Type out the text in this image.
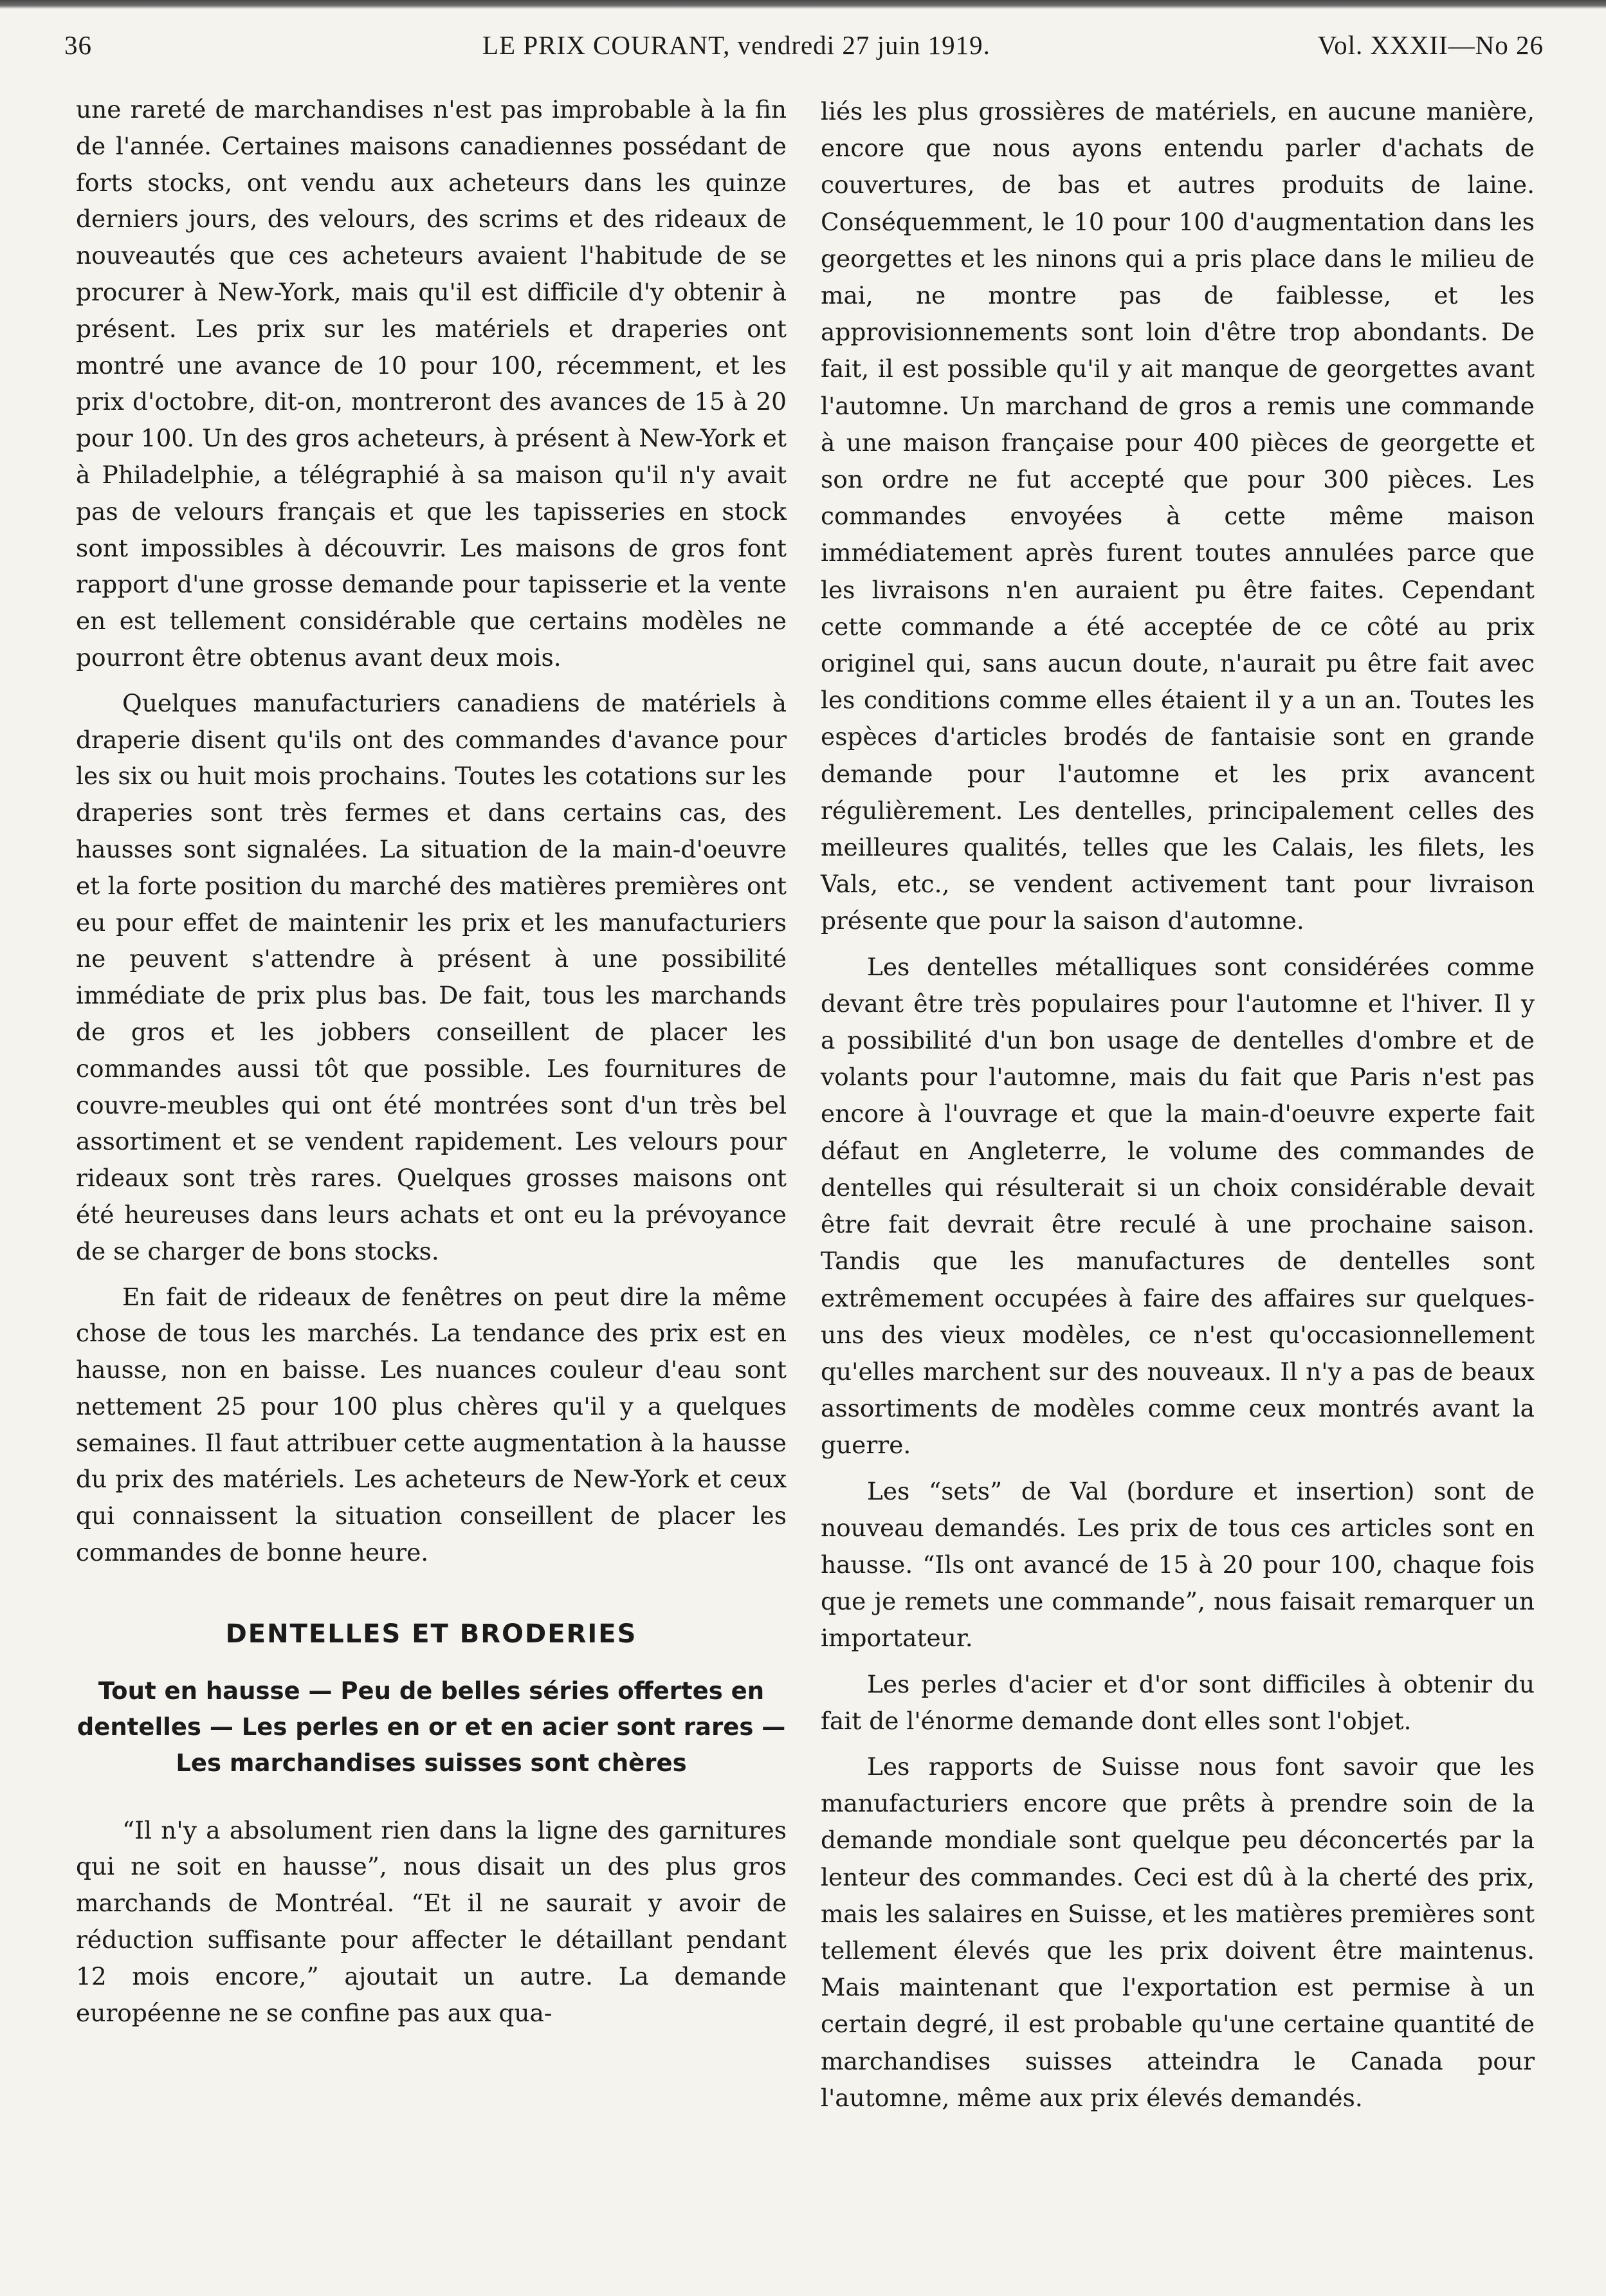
36	LE PRIX COURANT, vendredi 27 juin 1919.	Vol. XXXII—No 26

une rareté de marchandises n'est pas improbable à la fin de l'année. Certaines maisons canadiennes possédant de forts stocks, ont vendu aux acheteurs dans les quinze derniers jours, des velours, des scrims et des rideaux de nouveautés que ces acheteurs avaient l'habitude de se procurer à New-York, mais qu'il est difficile d'y obtenir à présent. Les prix sur les matériels et draperies ont montré une avance de 10 pour 100, récemment, et les prix d'octobre, dit-on, montreront des avances de 15 à 20 pour 100. Un des gros acheteurs, à présent à New-York et à Philadelphie, a télégraphié à sa maison qu'il n'y avait pas de velours français et que les tapisseries en stock sont impossibles à découvrir. Les maisons de gros font rapport d'une grosse demande pour tapisserie et la vente en est tellement considérable que certains modèles ne pourront être obtenus avant deux mois.

Quelques manufacturiers canadiens de matériels à draperie disent qu'ils ont des commandes d'avance pour les six ou huit mois prochains. Toutes les cotations sur les draperies sont très fermes et dans certains cas, des hausses sont signalées. La situation de la main-d'oeuvre et la forte position du marché des matières premières ont eu pour effet de maintenir les prix et les manufacturiers ne peuvent s'attendre à présent à une possibilité immédiate de prix plus bas. De fait, tous les marchands de gros et les jobbers conseillent de placer les commandes aussi tôt que possible. Les fournitures de couvre-meubles qui ont été montrées sont d'un très bel assortiment et se vendent rapidement. Les velours pour rideaux sont très rares. Quelques grosses maisons ont été heureuses dans leurs achats et ont eu la prévoyance de se charger de bons stocks.

En fait de rideaux de fenêtres on peut dire la même chose de tous les marchés. La tendance des prix est en hausse, non en baisse. Les nuances couleur d'eau sont nettement 25 pour 100 plus chères qu'il y a quelques semaines. Il faut attribuer cette augmentation à la hausse du prix des matériels. Les acheteurs de New-York et ceux qui connaissent la situation conseillent de placer les commandes de bonne heure.

DENTELLES ET BRODERIES

Tout en hausse — Peu de belles séries offertes en dentelles — Les perles en or et en acier sont rares — Les marchandises suisses sont chères

“Il n'y a absolument rien dans la ligne des garnitures qui ne soit en hausse”, nous disait un des plus gros marchands de Montréal. “Et il ne saurait y avoir de réduction suffisante pour affecter le détaillant pendant 12 mois encore,” ajoutait un autre. La demande européenne ne se confine pas aux qua-

liés les plus grossières de matériels, en aucune manière, encore que nous ayons entendu parler d'achats de couvertures, de bas et autres produits de laine. Conséquemment, le 10 pour 100 d'augmentation dans les georgettes et les ninons qui a pris place dans le milieu de mai, ne montre pas de faiblesse, et les approvisionnements sont loin d'être trop abondants. De fait, il est possible qu'il y ait manque de georgettes avant l'automne. Un marchand de gros a remis une commande à une maison française pour 400 pièces de georgette et son ordre ne fut accepté que pour 300 pièces. Les commandes envoyées à cette même maison immédiatement après furent toutes annulées parce que les livraisons n'en auraient pu être faites. Cependant cette commande a été acceptée de ce côté au prix originel qui, sans aucun doute, n'aurait pu être fait avec les conditions comme elles étaient il y a un an. Toutes les espèces d'articles brodés de fantaisie sont en grande demande pour l'automne et les prix avancent régulièrement. Les dentelles, principalement celles des meilleures qualités, telles que les Calais, les filets, les Vals, etc., se vendent activement tant pour livraison présente que pour la saison d'automne.

Les dentelles métalliques sont considérées comme devant être très populaires pour l'automne et l'hiver. Il y a possibilité d'un bon usage de dentelles d'ombre et de volants pour l'automne, mais du fait que Paris n'est pas encore à l'ouvrage et que la main-d'oeuvre experte fait défaut en Angleterre, le volume des commandes de dentelles qui résulterait si un choix considérable devait être fait devrait être reculé à une prochaine saison. Tandis que les manufactures de dentelles sont extrêmement occupées à faire des affaires sur quelques-uns des vieux modèles, ce n'est qu'occasionnellement qu'elles marchent sur des nouveaux. Il n'y a pas de beaux assortiments de modèles comme ceux montrés avant la guerre.

Les “sets” de Val (bordure et insertion) sont de nouveau demandés. Les prix de tous ces articles sont en hausse. “Ils ont avancé de 15 à 20 pour 100, chaque fois que je remets une commande”, nous faisait remarquer un importateur.

Les perles d'acier et d'or sont difficiles à obtenir du fait de l'énorme demande dont elles sont l'objet.

Les rapports de Suisse nous font savoir que les manufacturiers encore que prêts à prendre soin de la demande mondiale sont quelque peu déconcertés par la lenteur des commandes. Ceci est dû à la cherté des prix, mais les salaires en Suisse, et les matières premières sont tellement élevés que les prix doivent être maintenus. Mais maintenant que l'exportation est permise à un certain degré, il est probable qu'une certaine quantité de marchandises suisses atteindra le Canada pour l'automne, même aux prix élevés demandés.
